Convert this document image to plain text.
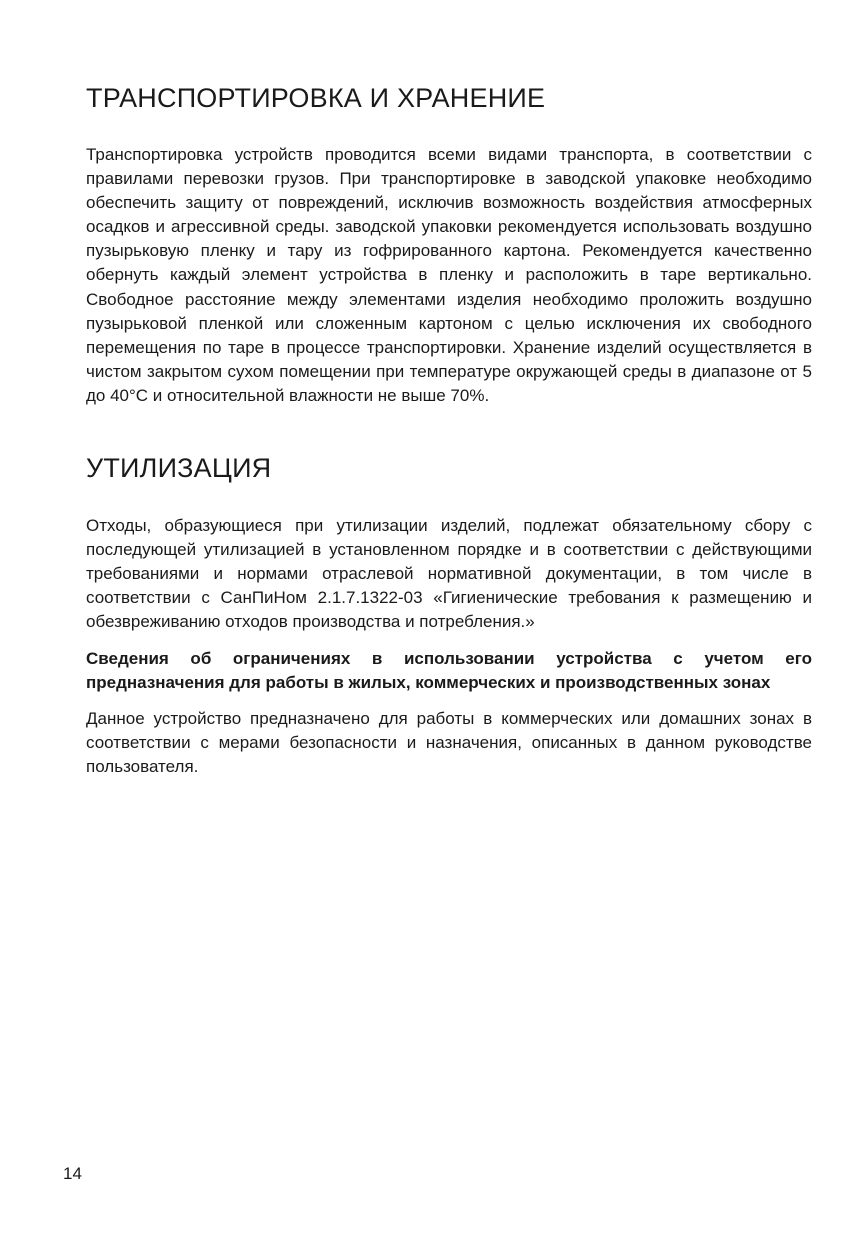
ТРАНСПОРТИРОВКА И ХРАНЕНИЕ

Транспортировка устройств проводится всеми видами транспорта, в соответствии с правилами перевозки грузов. При транспортировке в заводской упаковке необходимо обеспечить защиту от повреждений, исключив возможность воздействия атмосферных осадков и агрессивной среды. заводской упаковки рекомендуется использовать воздушно пузырьковую пленку и тару из гофрированного картона. Рекомендуется качественно обернуть каждый элемент устройства в пленку и расположить в таре вертикально. Свободное расстояние между элементами изделия необходимо проложить воздушно пузырьковой пленкой или сложенным картоном с целью исключения их свободного перемещения по таре в процессе транспортировки. Хранение изделий осуществляется в чистом закрытом сухом помещении при температуре окружающей среды в диапазоне от 5 до 40°C и относительной влажности не выше 70%.

УТИЛИЗАЦИЯ

Отходы, образующиеся при утилизации изделий, подлежат обязательному сбору с последующей утилизацией в установленном порядке и в соответствии с действующими требованиями и нормами отраслевой нормативной документации, в том числе в соответствии с СанПиНом 2.1.7.1322-03 «Гигиенические требования к размещению и обезвреживанию отходов производства и потребления.»

Сведения об ограничениях в использовании устройства с учетом его предназначения для работы в жилых, коммерческих и производственных зонах

Данное устройство предназначено для работы в коммерческих или домашних зонах в соответствии с мерами безопасности и назначения, описанных в данном руководстве пользователя.

14
